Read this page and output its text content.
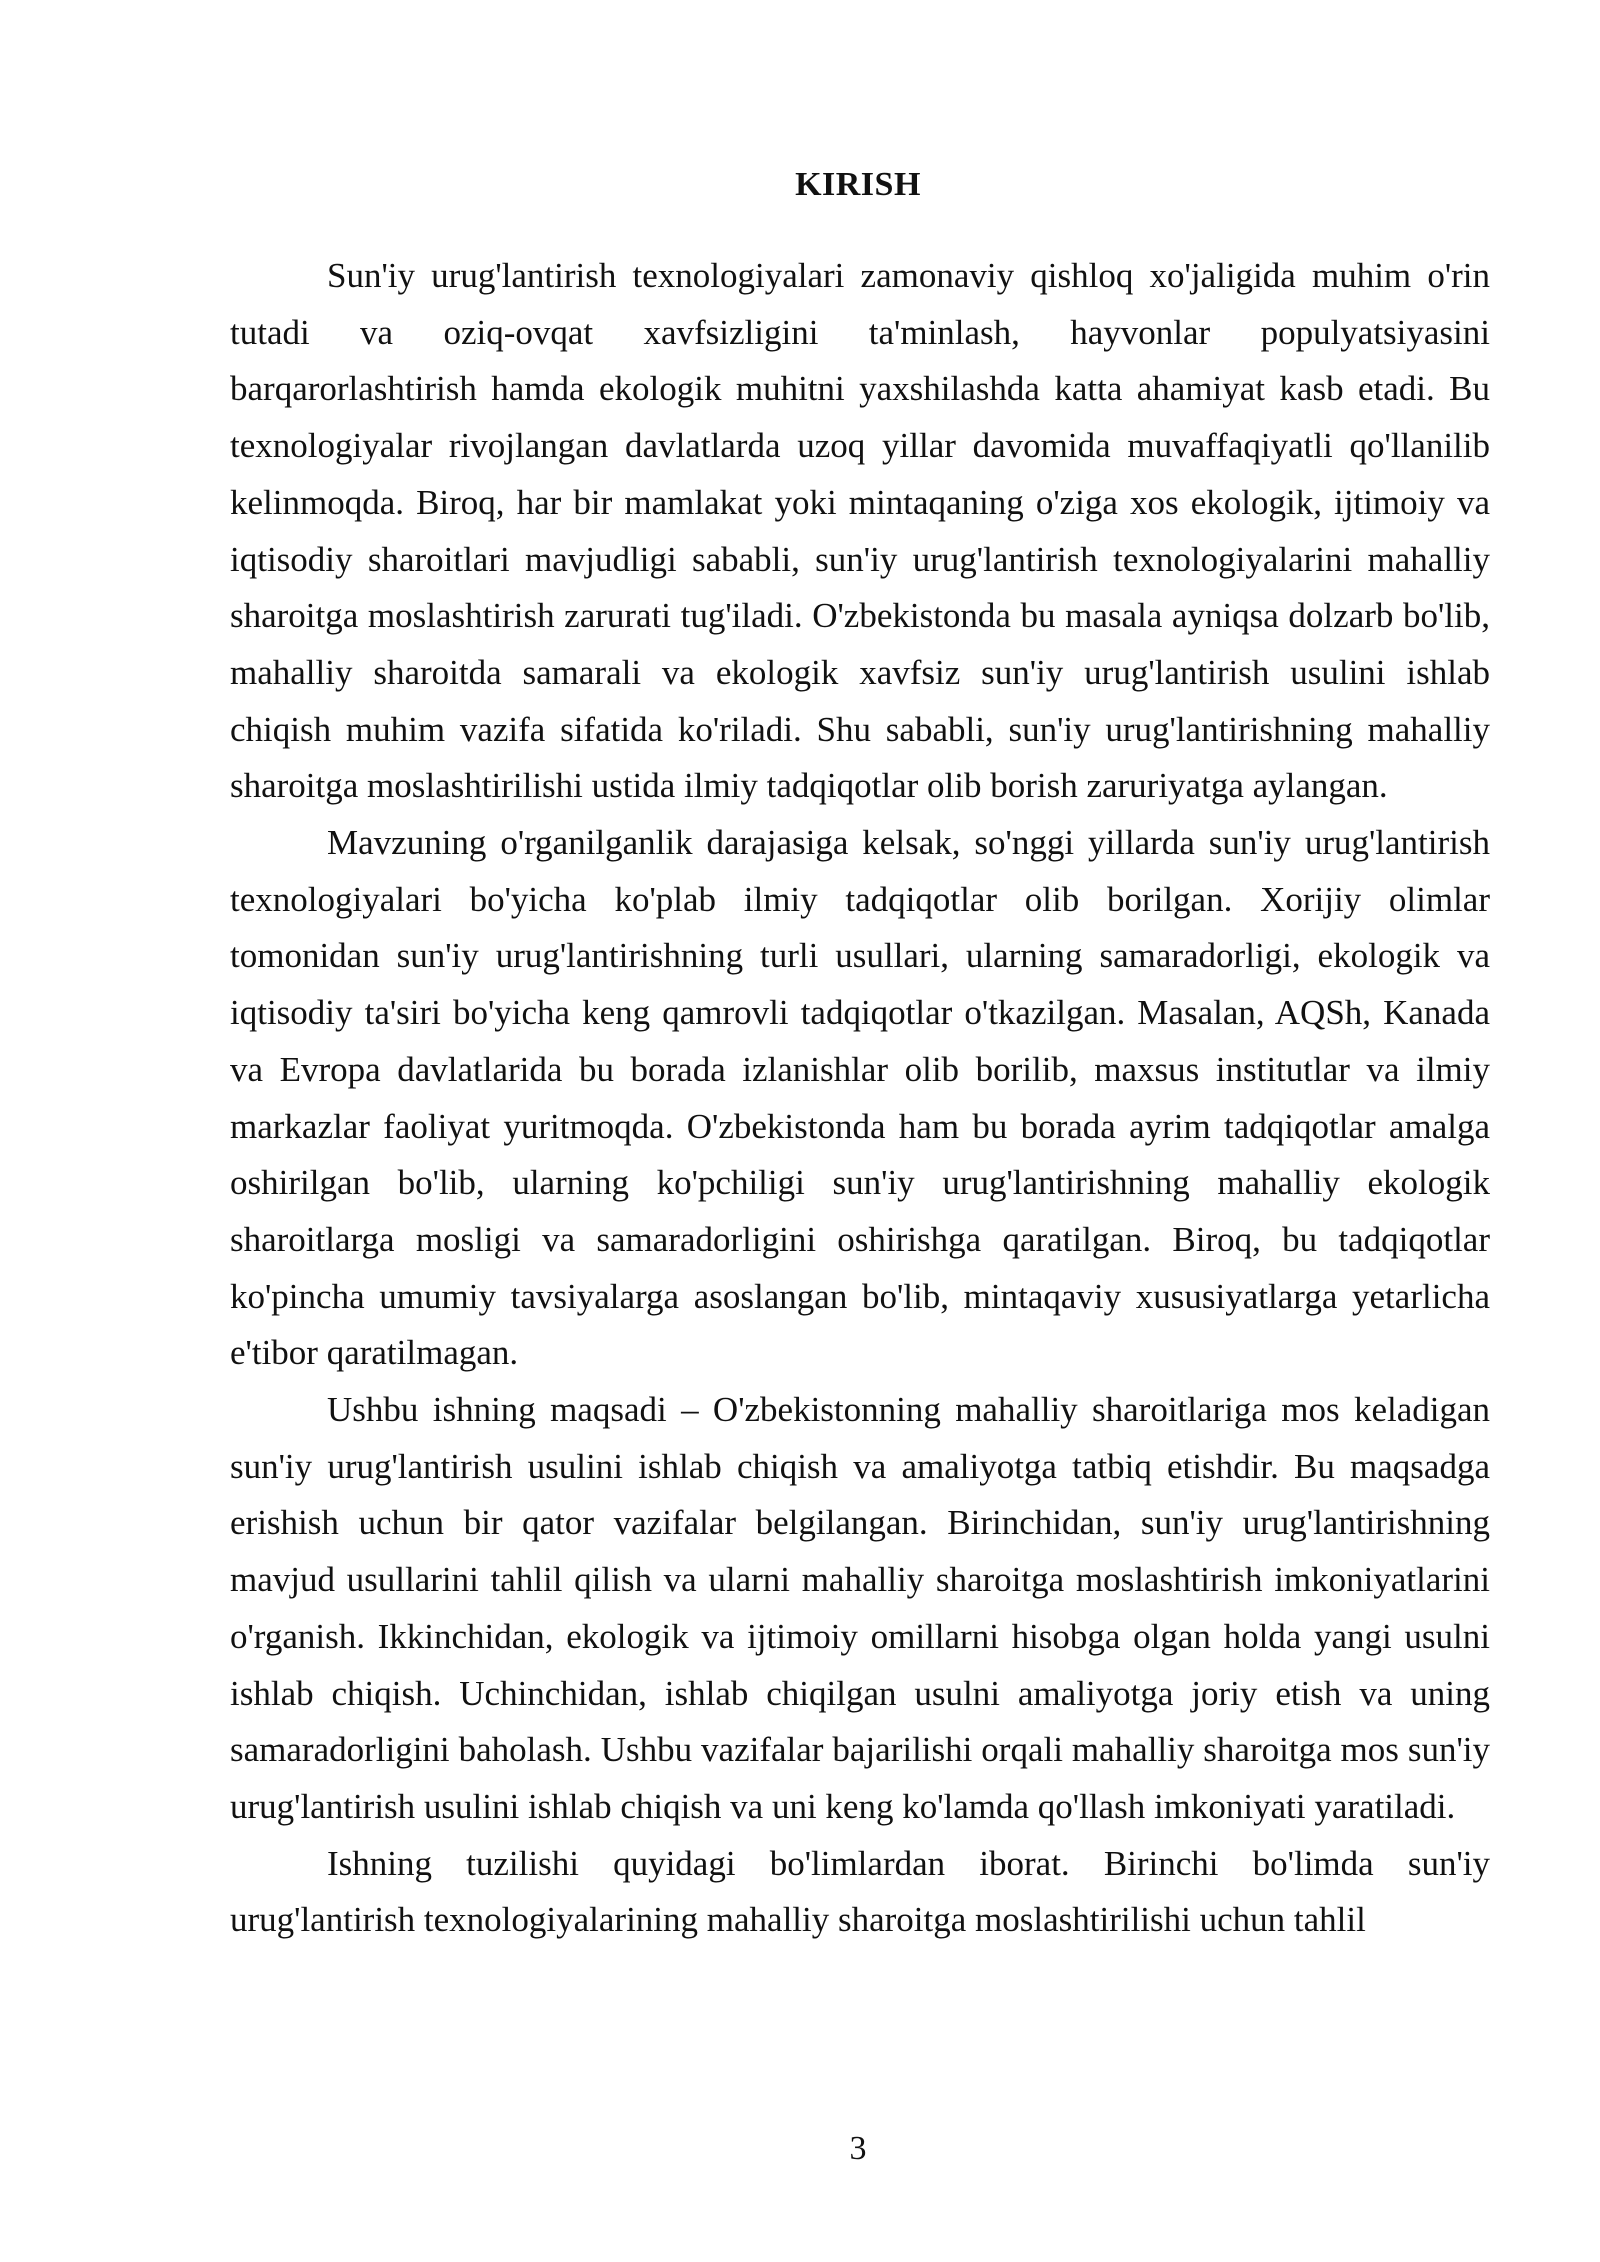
KIRISH

Sun'iy urug'lantirish texnologiyalari zamonaviy qishloq xo'jaligida muhim o'rin tutadi va oziq-ovqat xavfsizligini ta'minlash, hayvonlar populyatsiyasini barqarorlashtirish hamda ekologik muhitni yaxshilashda katta ahamiyat kasb etadi. Bu texnologiyalar rivojlangan davlatlarda uzoq yillar davomida muvaffaqiyatli qo'llanilib kelinmoqda. Biroq, har bir mamlakat yoki mintaqaning o'ziga xos ekologik, ijtimoiy va iqtisodiy sharoitlari mavjudligi sababli, sun'iy urug'lantirish texnologiyalarini mahalliy sharoitga moslashtirish zarurati tug'iladi. O'zbekistonda bu masala ayniqsa dolzarb bo'lib, mahalliy sharoitda samarali va ekologik xavfsiz sun'iy urug'lantirish usulini ishlab chiqish muhim vazifa sifatida ko'riladi. Shu sababli, sun'iy urug'lantirishning mahalliy sharoitga moslashtirilishi ustida ilmiy tadqiqotlar olib borish zaruriyatga aylangan.

Mavzuning o'rganilganlik darajasiga kelsak, so'nggi yillarda sun'iy urug'lantirish texnologiyalari bo'yicha ko'plab ilmiy tadqiqotlar olib borilgan. Xorijiy olimlar tomonidan sun'iy urug'lantirishning turli usullari, ularning samaradorligi, ekologik va iqtisodiy ta'siri bo'yicha keng qamrovli tadqiqotlar o'tkazilgan. Masalan, AQSh, Kanada va Evropa davlatlarida bu borada izlanishlar olib borilib, maxsus institutlar va ilmiy markazlar faoliyat yuritmoqda. O'zbekistonda ham bu borada ayrim tadqiqotlar amalga oshirilgan bo'lib, ularning ko'pchiligi sun'iy urug'lantirishning mahalliy ekologik sharoitlarga mosligi va samaradorligini oshirishga qaratilgan. Biroq, bu tadqiqotlar ko'pincha umumiy tavsiyalarga asoslangan bo'lib, mintaqaviy xususiyatlarga yetarlicha e'tibor qaratilmagan.

Ushbu ishning maqsadi – O'zbekistonning mahalliy sharoitlariga mos keladigan sun'iy urug'lantirish usulini ishlab chiqish va amaliyotga tatbiq etishdir. Bu maqsadga erishish uchun bir qator vazifalar belgilangan. Birinchidan, sun'iy urug'lantirishning mavjud usullarini tahlil qilish va ularni mahalliy sharoitga moslashtirish imkoniyatlarini o'rganish. Ikkinchidan, ekologik va ijtimoiy omillarni hisobga olgan holda yangi usulni ishlab chiqish. Uchinchidan, ishlab chiqilgan usulni amaliyotga joriy etish va uning samaradorligini baholash. Ushbu vazifalar bajarilishi orqali mahalliy sharoitga mos sun'iy urug'lantirish usulini ishlab chiqish va uni keng ko'lamda qo'llash imkoniyati yaratiladi.

Ishning tuzilishi quyidagi bo'limlardan iborat. Birinchi bo'limda sun'iy urug'lantirish texnologiyalarining mahalliy sharoitga moslashtirilishi uchun tahlil

3
